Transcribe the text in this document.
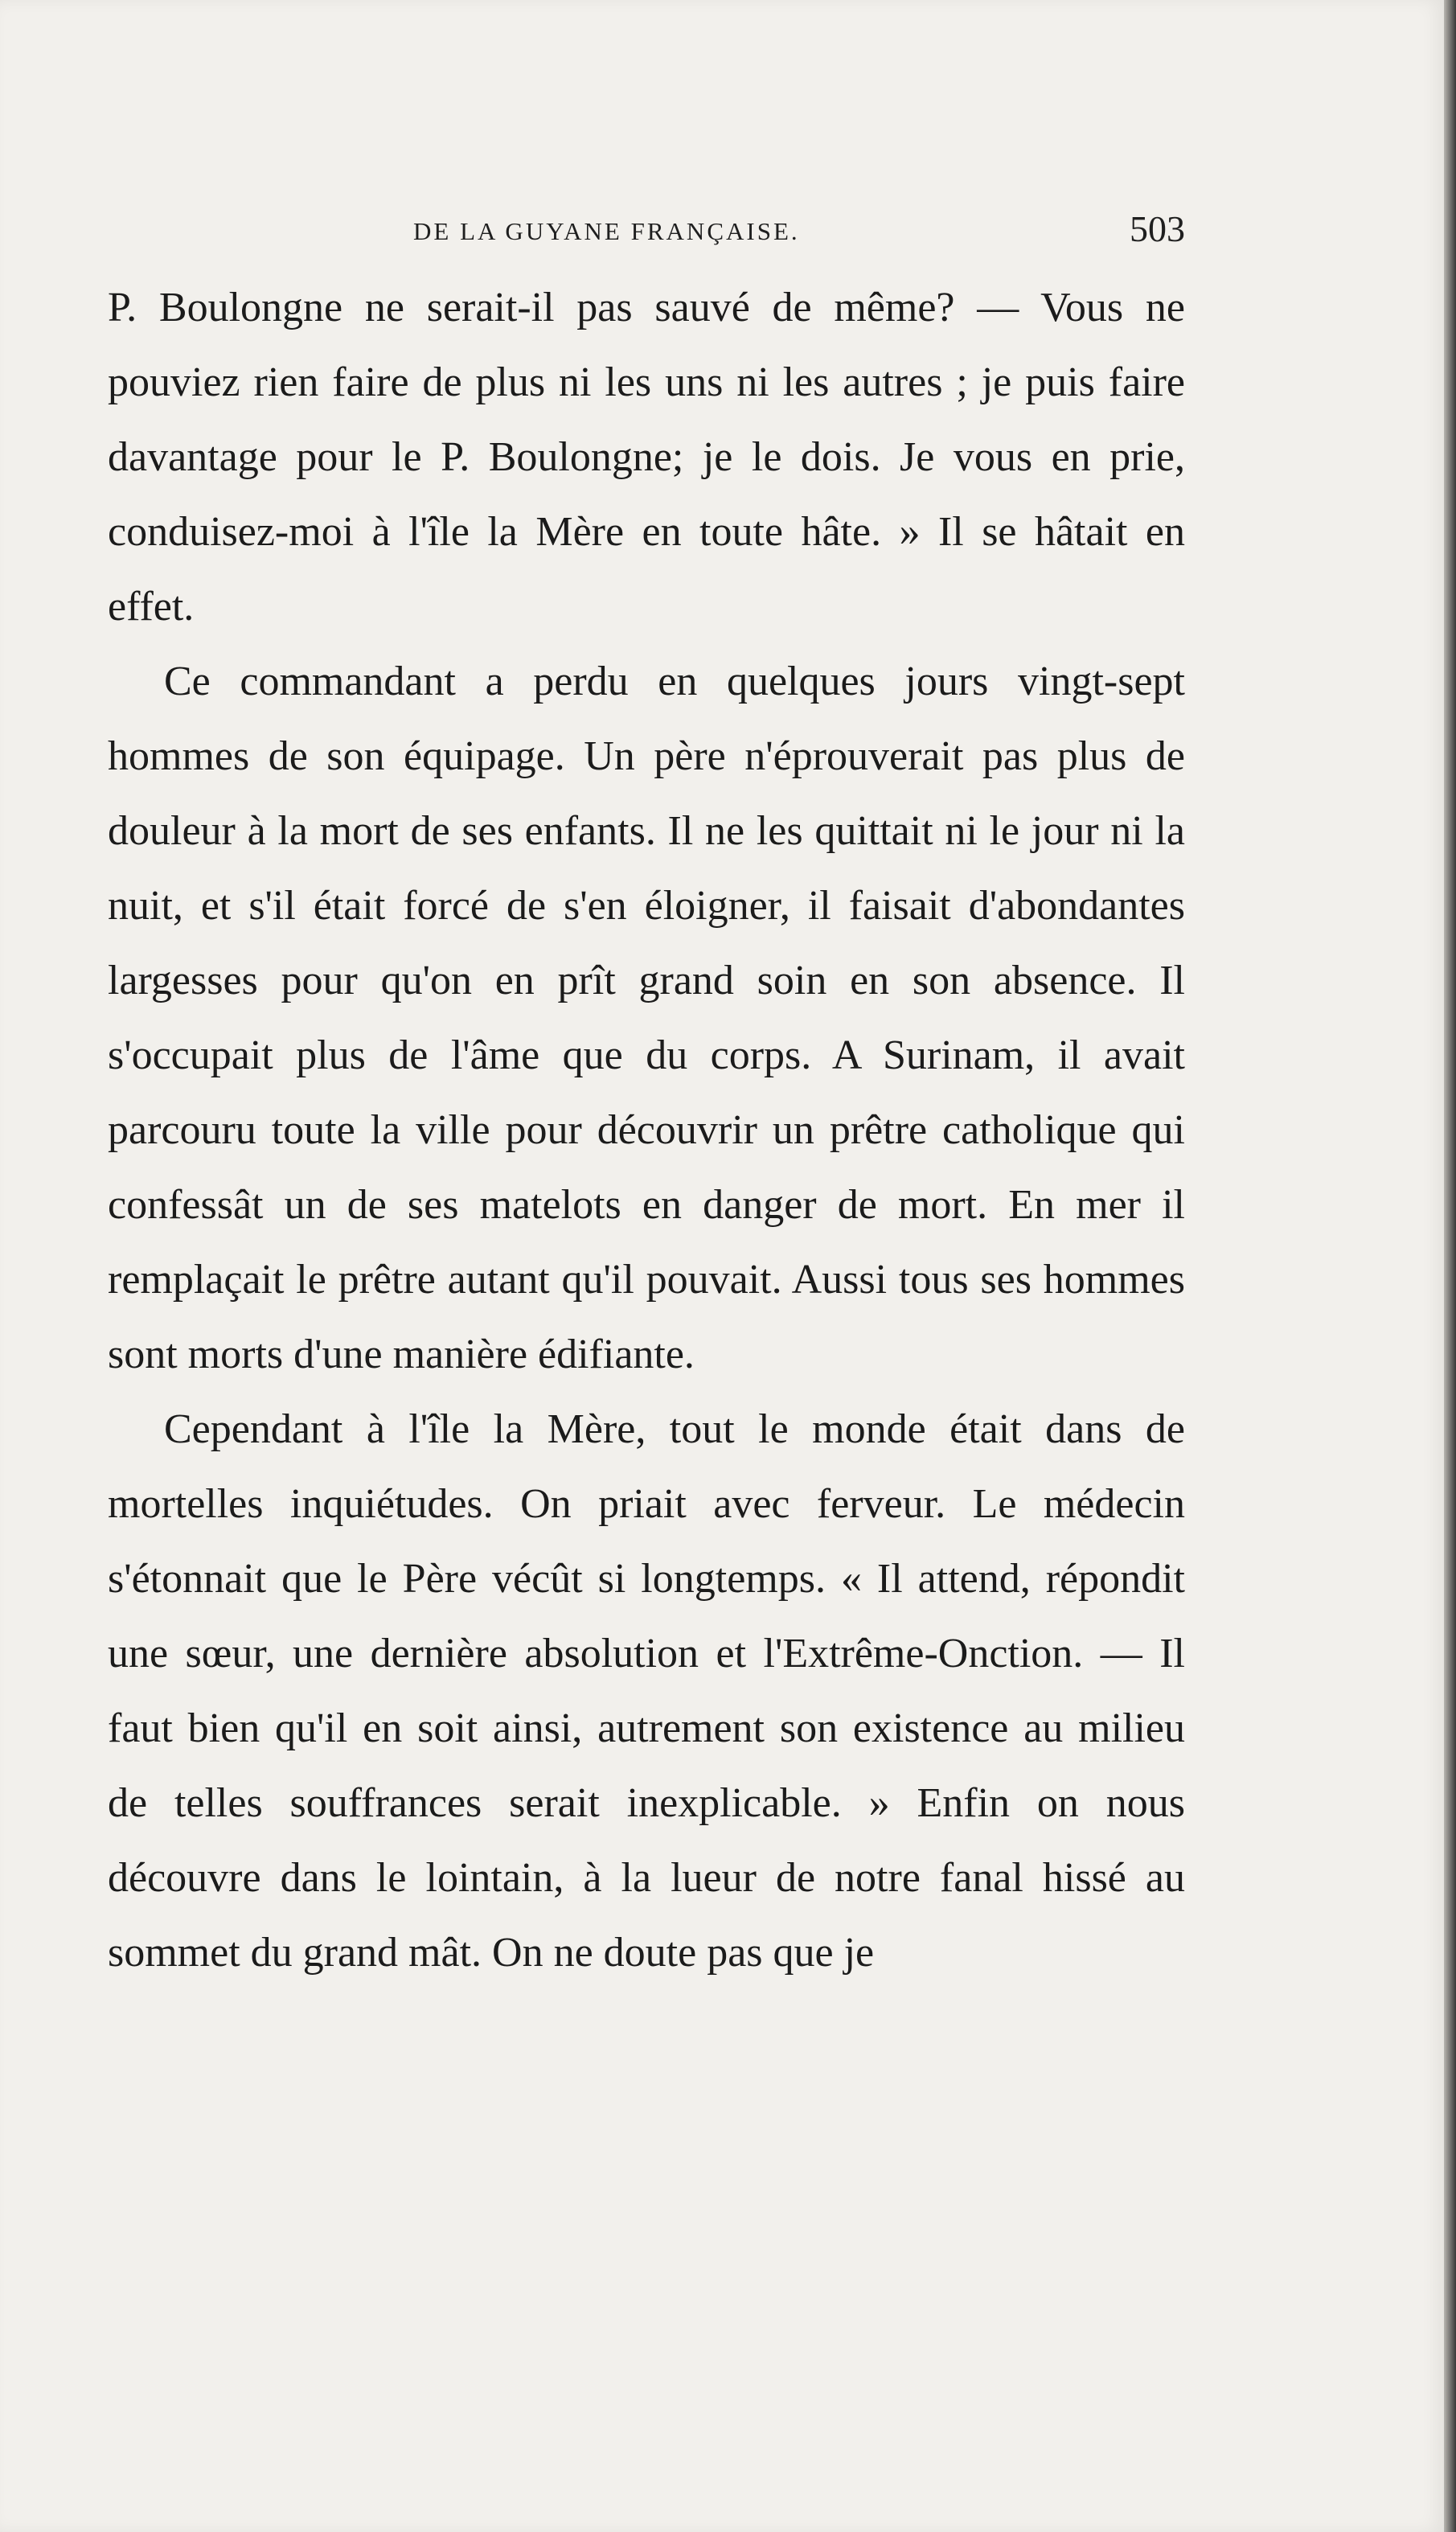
DE LA GUYANE FRANÇAISE.	503

P. Boulongne ne serait-il pas sauvé de même? — Vous ne pouviez rien faire de plus ni les uns ni les autres ; je puis faire davantage pour le P. Boulongne; je le dois. Je vous en prie, conduisez-moi à l'île la Mère en toute hâte. » Il se hâtait en effet.

Ce commandant a perdu en quelques jours vingt-sept hommes de son équipage. Un père n'éprouverait pas plus de douleur à la mort de ses enfants. Il ne les quittait ni le jour ni la nuit, et s'il était forcé de s'en éloigner, il faisait d'abondantes largesses pour qu'on en prît grand soin en son absence. Il s'occupait plus de l'âme que du corps. A Surinam, il avait parcouru toute la ville pour découvrir un prêtre catholique qui confessât un de ses matelots en danger de mort. En mer il remplaçait le prêtre autant qu'il pouvait. Aussi tous ses hommes sont morts d'une manière édifiante.

Cependant à l'île la Mère, tout le monde était dans de mortelles inquiétudes. On priait avec ferveur. Le médecin s'étonnait que le Père vécût si longtemps. « Il attend, répondit une sœur, une dernière absolution et l'Extrême-Onction. — Il faut bien qu'il en soit ainsi, autrement son existence au milieu de telles souffrances serait inexplicable. » Enfin on nous découvre dans le lointain, à la lueur de notre fanal hissé au sommet du grand mât. On ne doute pas que je
